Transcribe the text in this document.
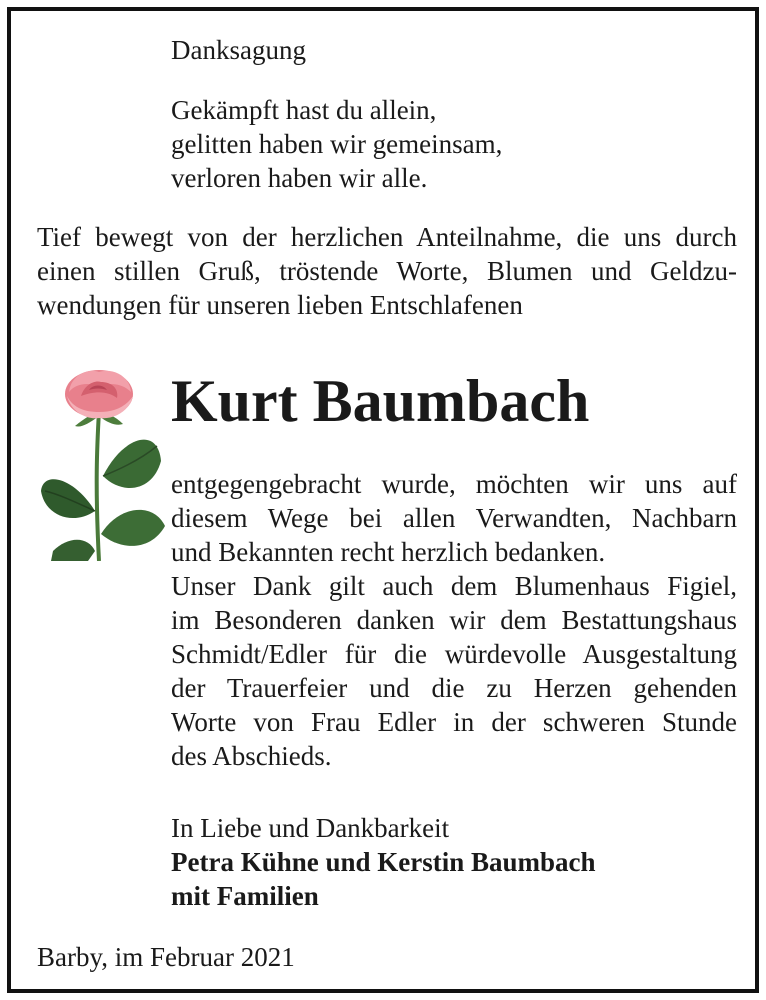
Danksagung
Gekämpft hast du allein,
gelitten haben wir gemeinsam,
verloren haben wir alle.
Tief bewegt von der herzlichen Anteilnahme, die uns durch
einen stillen Gruß, tröstende Worte, Blumen und Geldzu-
wendungen für unseren lieben Entschlafenen
Kurt Baumbach
entgegengebracht wurde, möchten wir uns auf
diesem Wege bei allen Verwandten, Nachbarn
und Bekannten recht herzlich bedanken.
Unser Dank gilt auch dem Blumenhaus Figiel,
im Besonderen danken wir dem Bestattungshaus
Schmidt/Edler für die würdevolle Ausgestaltung
der Trauerfeier und die zu Herzen gehenden
Worte von Frau Edler in der schweren Stunde
des Abschieds.
In Liebe und Dankbarkeit
Petra Kühne und Kerstin Baumbach
mit Familien
Barby, im Februar 2021
